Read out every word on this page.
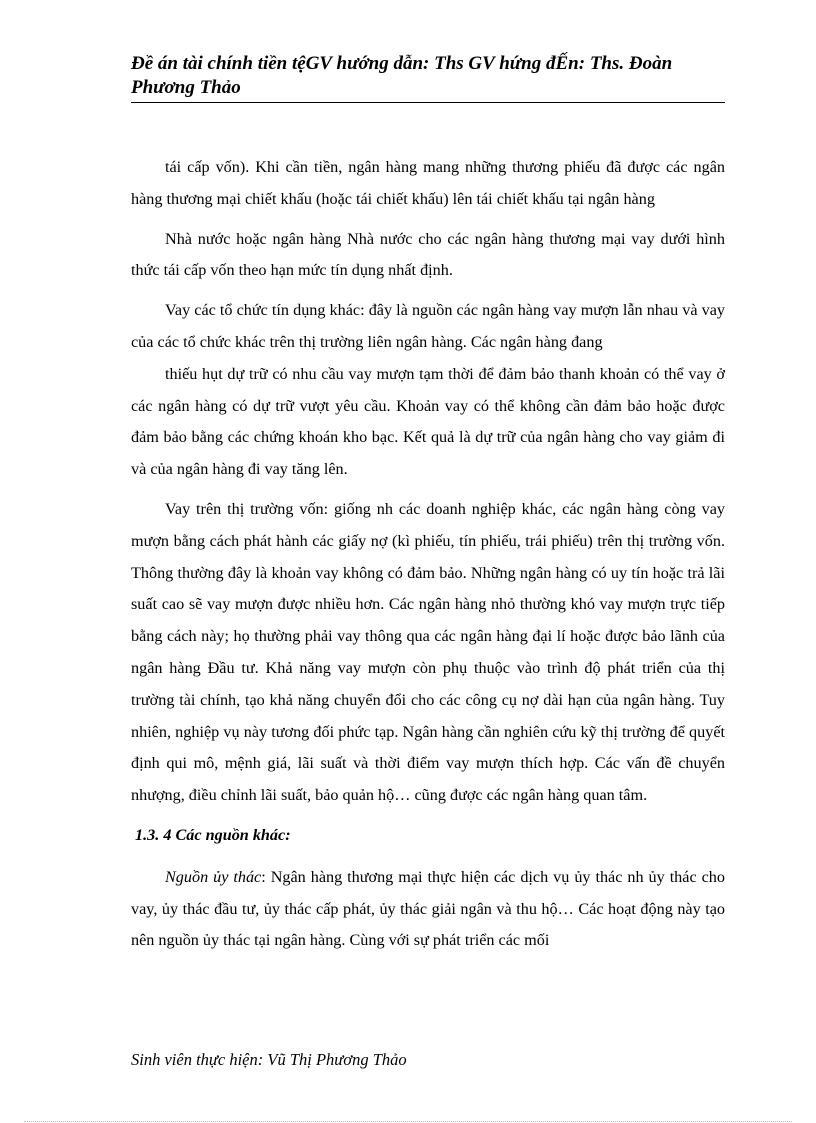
Đề án tài chính tiền tệGV hướng dẫn: Ths GV hứng đẾn: Ths. Đoàn
Phương Thảo

tái cấp vốn). Khi cần tiền, ngân hàng mang những thương phiếu đã được các ngân hàng thương mại chiết khấu (hoặc tái chiết khấu) lên tái chiết khấu tại ngân hàng

Nhà nước hoặc ngân hàng Nhà nước cho các ngân hàng thương mại vay dưới hình thức tái cấp vốn theo hạn mức tín dụng nhất định.

Vay các tổ chức tín dụng khác: đây là nguồn các ngân hàng vay mượn lẫn nhau và vay của các tổ chức khác trên thị trường liên ngân hàng. Các ngân hàng đang

thiếu hụt dự trữ có nhu cầu vay mượn tạm thời để đảm bảo thanh khoản có thể vay ở các ngân hàng có dự trữ vượt yêu cầu. Khoản vay có thể không cần đảm bảo hoặc được đảm bảo bằng các chứng khoán kho bạc. Kết quả là dự trữ của ngân hàng cho vay giảm đi và của ngân hàng đi vay tăng lên.

Vay trên thị trường vốn: giống nh các doanh nghiệp khác, các ngân hàng còng vay mượn bằng cách phát hành các giấy nợ (kì phiếu, tín phiếu, trái phiếu) trên thị trường vốn. Thông thường đây là khoản vay không có đảm bảo. Những ngân hàng có uy tín hoặc trả lãi suất cao sẽ vay mượn được nhiều hơn. Các ngân hàng nhỏ thường khó vay mượn trực tiếp bằng cách này; họ thường phải vay thông qua các ngân hàng đại lí hoặc được bảo lãnh của ngân hàng Đầu tư. Khả năng vay mượn còn phụ thuộc vào trình độ phát triển của thị trường tài chính, tạo khả năng chuyển đổi cho các công cụ nợ dài hạn của ngân hàng. Tuy nhiên, nghiệp vụ này tương đối phức tạp. Ngân hàng cần nghiên cứu kỹ thị trường để quyết định qui mô, mệnh giá, lãi suất và thời điểm vay mượn thích hợp. Các vấn đề chuyển nhượng, điều chỉnh lãi suất, bảo quản hộ… cũng được các ngân hàng quan tâm.

1.3. 4 Các nguồn khác:

Nguồn ủy thác: Ngân hàng thương mại thực hiện các dịch vụ ủy thác nh ủy thác cho vay, ủy thác đầu tư, ủy thác cấp phát, ủy thác giải ngân và thu hộ… Các hoạt động này tạo nên nguồn ủy thác tại ngân hàng. Cùng với sự phát triển các mối

Sinh viên thực hiện: Vũ Thị Phương Thảo
